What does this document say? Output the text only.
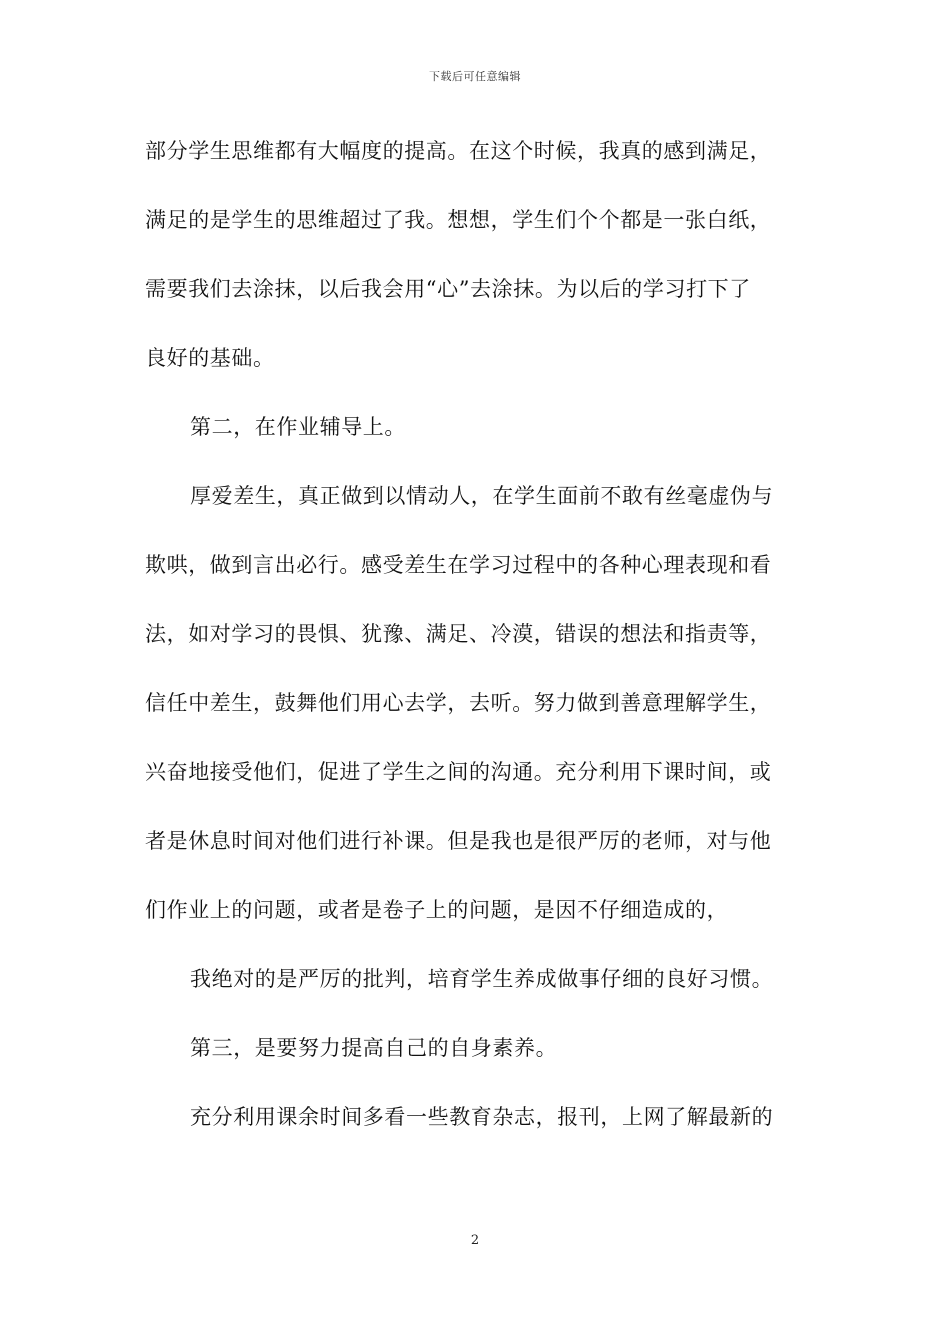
下载后可任意编辑
部分学生思维都有大幅度的提高。在这个时候，我真的感到满足，
满足的是学生的思维超过了我。想想，学生们个个都是一张白纸，
需要我们去涂抹，以后我会用“心”去涂抹。为以后的学习打下了
良好的基础。
第二，在作业辅导上。
厚爱差生，真正做到以情动人，在学生面前不敢有丝毫虚伪与
欺哄，做到言出必行。感受差生在学习过程中的各种心理表现和看
法，如对学习的畏惧、犹豫、满足、冷漠，错误的想法和指责等，
信任中差生，鼓舞他们用心去学，去听。努力做到善意理解学生，
兴奋地接受他们，促进了学生之间的沟通。充分利用下课时间，或
者是休息时间对他们进行补课。但是我也是很严厉的老师，对与他
们作业上的问题，或者是卷子上的问题，是因不仔细造成的，
我绝对的是严厉的批判，培育学生养成做事仔细的良好习惯。
第三，是要努力提高自己的自身素养。
充分利用课余时间多看一些教育杂志，报刊，上网了解最新的
2
